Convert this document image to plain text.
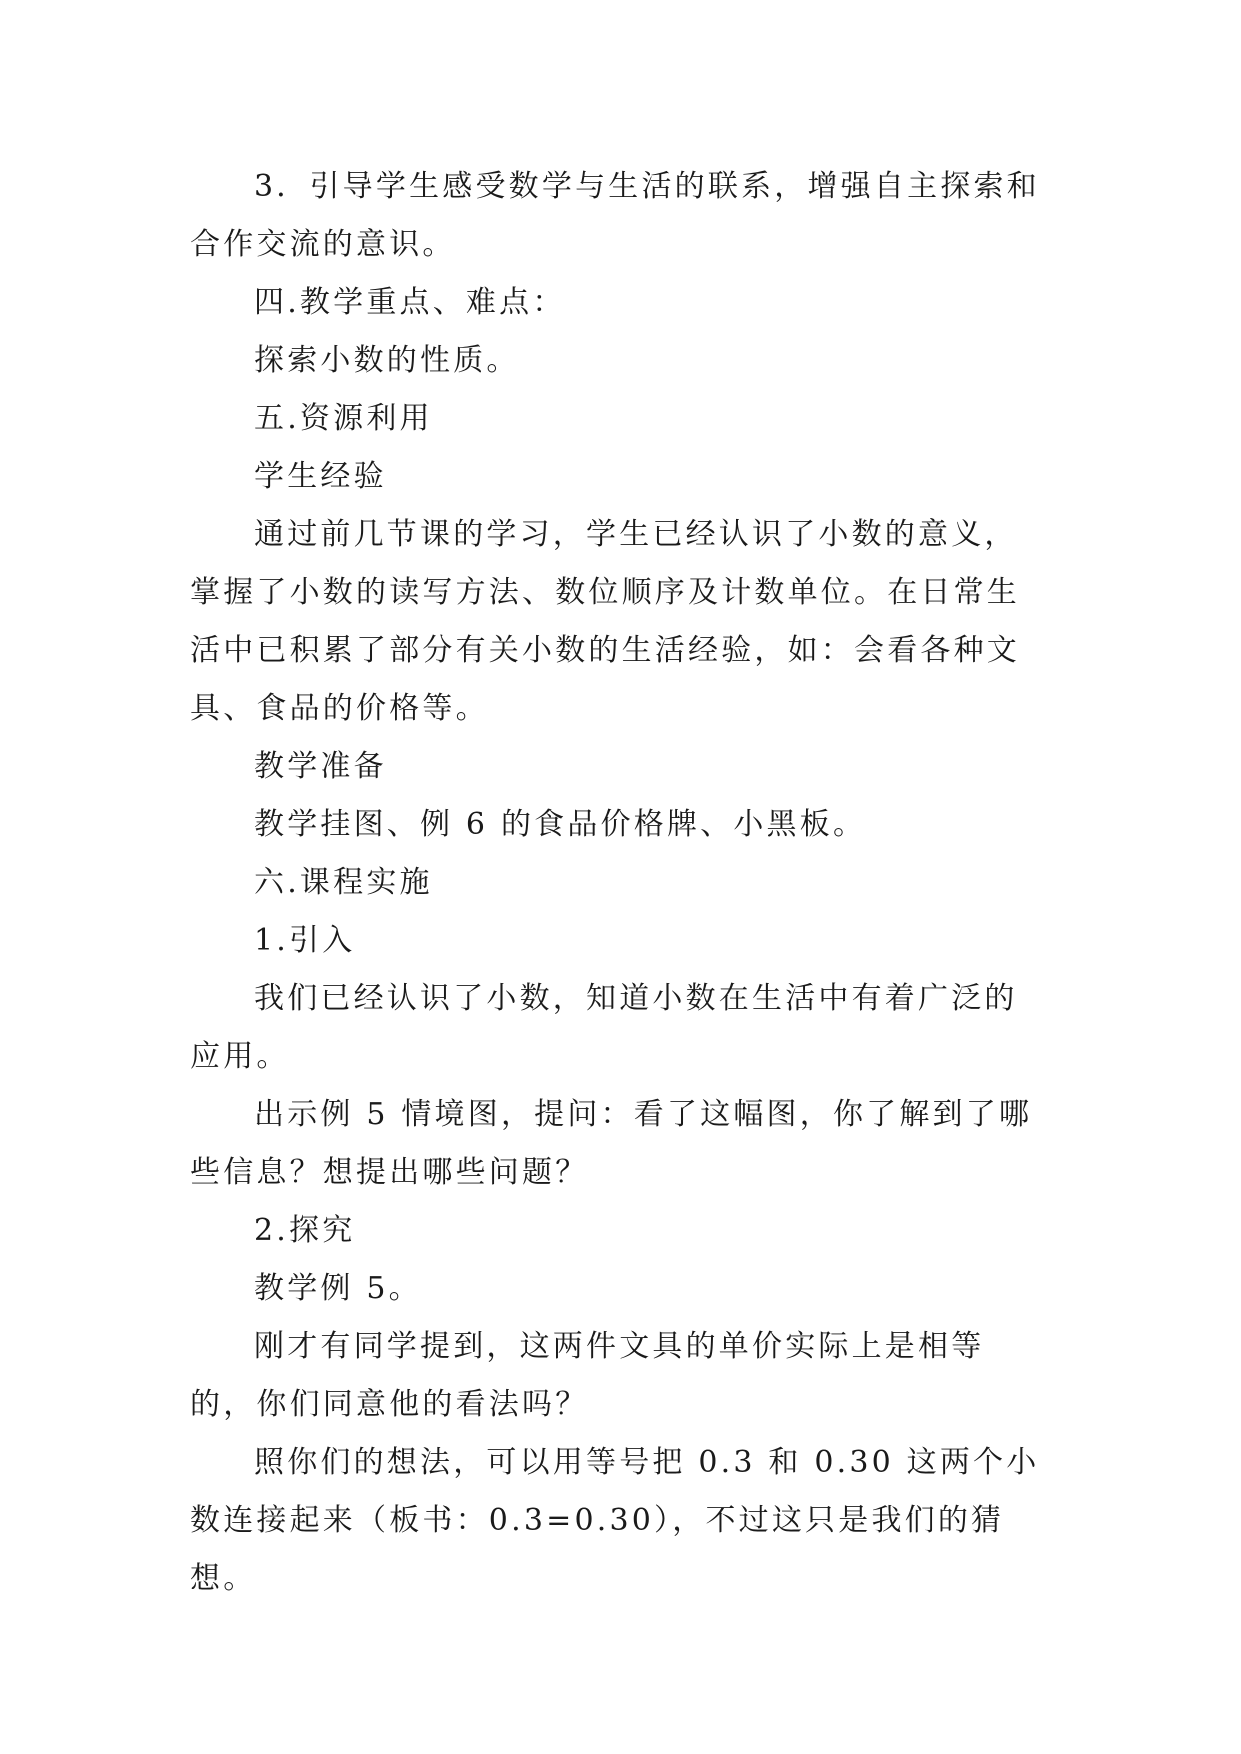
3．引导学生感受数学与生活的联系，增强自主探索和合作交流的意识。

四.教学重点、难点：

探索小数的性质。

五.资源利用

学生经验

通过前几节课的学习，学生已经认识了小数的意义，掌握了小数的读写方法、数位顺序及计数单位。在日常生活中已积累了部分有关小数的生活经验，如：会看各种文具、食品的价格等。

教学准备

教学挂图、例 6 的食品价格牌、小黑板。

六.课程实施

1.引入

我们已经认识了小数，知道小数在生活中有着广泛的应用。

出示例 5 情境图，提问：看了这幅图，你了解到了哪些信息？想提出哪些问题？

2.探究

教学例 5。

刚才有同学提到，这两件文具的单价实际上是相等的，你们同意他的看法吗？

照你们的想法，可以用等号把 0.3 和 0.30 这两个小数连接起来（板书：0.3=0.30），不过这只是我们的猜想。
